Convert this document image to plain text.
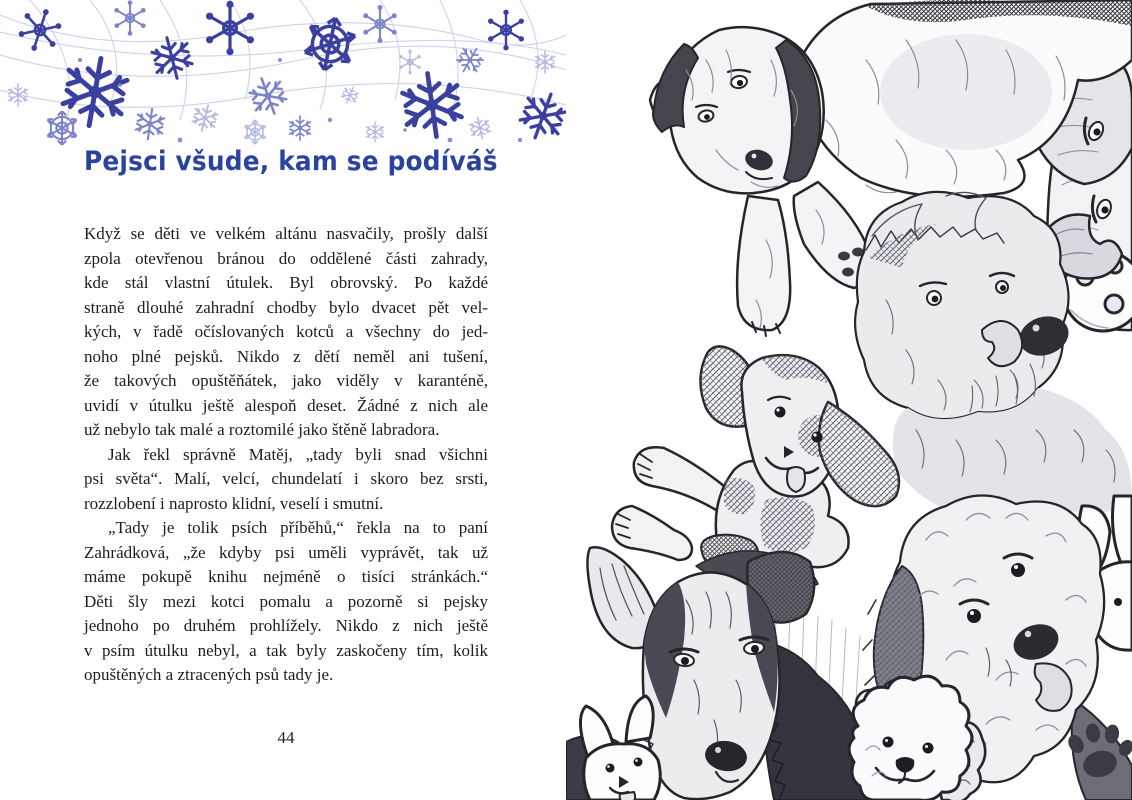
Pejsci všude, kam se podíváš
Když se děti ve velkém altánu nasvačily, prošly další
zpola otevřenou bránou do oddělené části zahrady,
kde stál vlastní útulek. Byl obrovský. Po každé
straně dlouhé zahradní chodby bylo dvacet pět vel-
kých, v řadě očíslovaných kotců a všechny do jed-
noho plné pejsků. Nikdo z dětí neměl ani tušení,
že takových opuštěňátek, jako viděly v karanténě,
uvidí v útulku ještě alespoň deset. Žádné z nich ale
už nebylo tak malé a roztomilé jako štěně labradora.
Jak řekl správně Matěj, „tady byli snad všichni
psi světa“. Malí, velcí, chundelatí i skoro bez srsti,
rozzlobení i naprosto klidní, veselí i smutní.
„Tady je tolik psích příběhů,“ řekla na to paní
Zahrádková, „že kdyby psi uměli vyprávět, tak už
máme pokupě knihu nejméně o tisíci stránkách.“
Děti šly mezi kotci pomalu a pozorně si pejsky
jednoho po druhém prohlížely. Nikdo z nich ještě
v psím útulku nebyl, a tak byly zaskočeny tím, kolik
opuštěných a ztracených psů tady je.
44
